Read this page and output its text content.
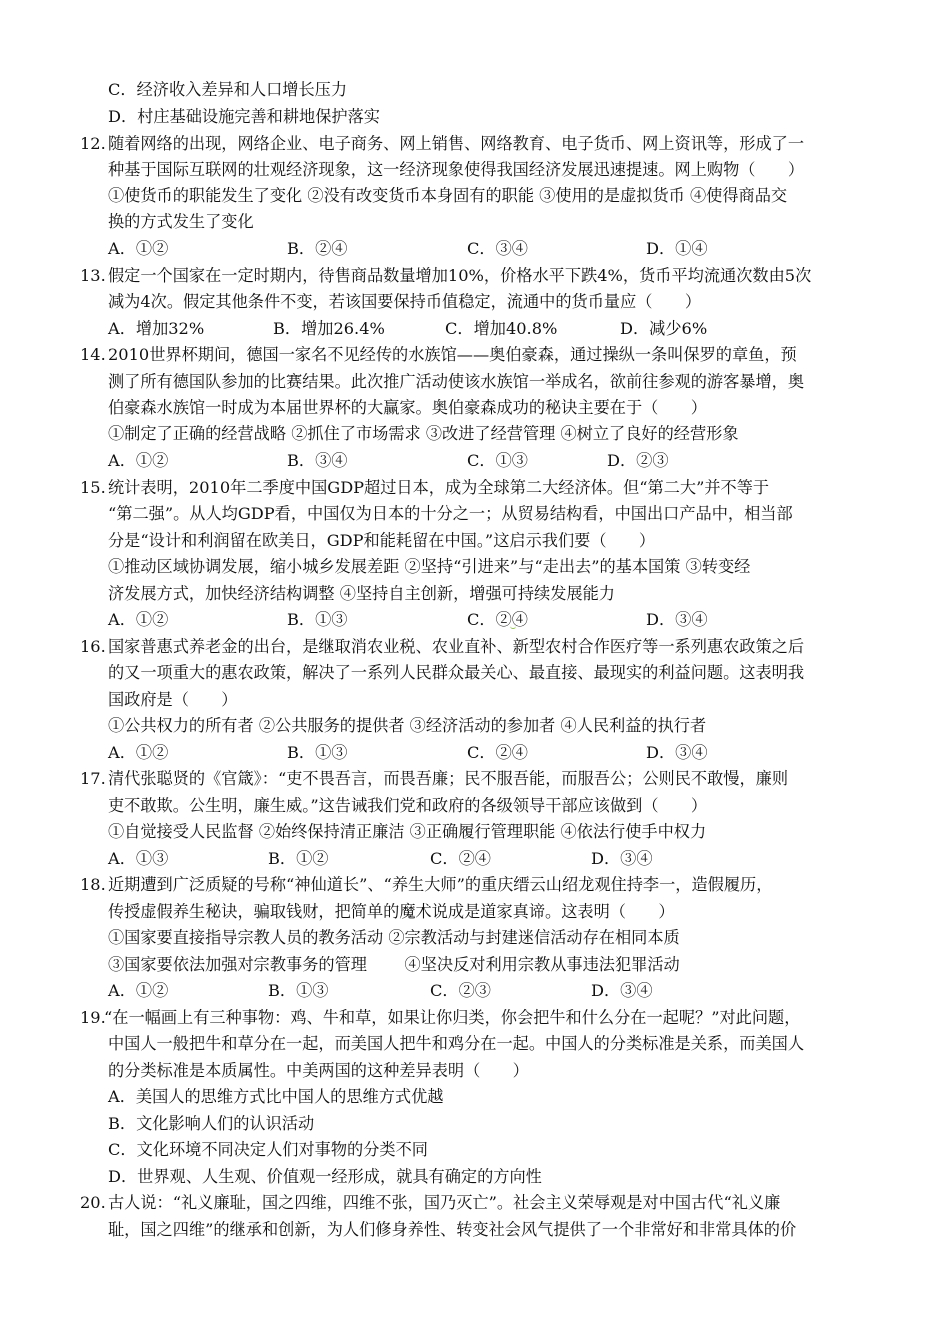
C．经济收入差异和人口增长压力
D．村庄基础设施完善和耕地保护落实
12. 随着网络的出现，网络企业、电子商务、网上销售、网络教育、电子货币、网上资讯等，形成了一
种基于国际互联网的壮观经济现象，这一经济现象使得我国经济发展迅速提速。网上购物（　　）
①使货币的职能发生了变化 ②没有改变货币本身固有的职能 ③使用的是虚拟货币 ④使得商品交
换的方式发生了变化
A．①②	B．②④	C．③④	D．①④
13. 假定一个国家在一定时期内，待售商品数量增加10%，价格水平下跌4%，货币平均流通次数由5次
减为4次。假定其他条件不变，若该国要保持币值稳定，流通中的货币量应（　　）
A．增加32%	B．增加26.4%	C．增加40.8%	D．减少6%
14. 2010世界杯期间，德国一家名不见经传的水族馆——奥伯豪森，通过操纵一条叫保罗的章鱼，预
测了所有德国队参加的比赛结果。此次推广活动使该水族馆一举成名，欲前往参观的游客暴增，奥
伯豪森水族馆一时成为本届世界杯的大赢家。奥伯豪森成功的秘诀主要在于（　　）
①制定了正确的经营战略 ②抓住了市场需求 ③改进了经营管理 ④树立了良好的经营形象
A．①②	B．③④	C．①③	D．②③
15. 统计表明，2010年二季度中国GDP超过日本，成为全球第二大经济体。但“第二大”并不等于
“第二强”。从人均GDP看，中国仅为日本的十分之一；从贸易结构看，中国出口产品中，相当部
分是“设计和利润留在欧美日，GDP和能耗留在中国。”这启示我们要（　　）
①推动区域协调发展，缩小城乡发展差距 ②坚持“引进来”与“走出去”的基本国策 ③转变经
济发展方式，加快经济结构调整 ④坚持自主创新，增强可持续发展能力
A．①②	B．①③	C．②④	D．③④
16. 国家普惠式养老金的出台，是继取消农业税、农业直补、新型农村合作医疗等一系列惠农政策之后
的又一项重大的惠农政策，解决了一系列人民群众最关心、最直接、最现实的利益问题。这表明我
国政府是（　　）
①公共权力的所有者 ②公共服务的提供者 ③经济活动的参加者 ④人民利益的执行者
A．①②	B．①③	C．②④	D．③④
17. 清代张聪贤的《官箴》：“吏不畏吾言，而畏吾廉；民不服吾能，而服吾公；公则民不敢慢，廉则
吏不敢欺。公生明，廉生威。”这告诫我们党和政府的各级领导干部应该做到（　　）
①自觉接受人民监督 ②始终保持清正廉洁 ③正确履行管理职能 ④依法行使手中权力
A．①③	B．①②	C．②④	D．③④
18. 近期遭到广泛质疑的号称“神仙道长”、“养生大师”的重庆缙云山绍龙观住持李一，造假履历，
传授虚假养生秘诀，骗取钱财，把简单的魔术说成是道家真谛。这表明（　　）
①国家要直接指导宗教人员的教务活动 ②宗教活动与封建迷信活动存在相同本质
③国家要依法加强对宗教事务的管理　　 ④坚决反对利用宗教从事违法犯罪活动
A．①②	B．①③	C．②③	D．③④
19.
“在一幅画上有三种事物：鸡、牛和草，如果让你归类，你会把牛和什么分在一起呢？”对此问题，
中国人一般把牛和草分在一起，而美国人把牛和鸡分在一起。中国人的分类标准是关系，而美国人
的分类标准是本质属性。中美两国的这种差异表明（　　）
A．美国人的思维方式比中国人的思维方式优越
B．文化影响人们的认识活动
C．文化环境不同决定人们对事物的分类不同
D．世界观、人生观、价值观一经形成，就具有确定的方向性
20. 古人说：“礼义廉耻，国之四维，四维不张，国乃灭亡”。社会主义荣辱观是对中国古代“礼义廉
耻，国之四维”的继承和创新，为人们修身养性、转变社会风气提供了一个非常好和非常具体的价
